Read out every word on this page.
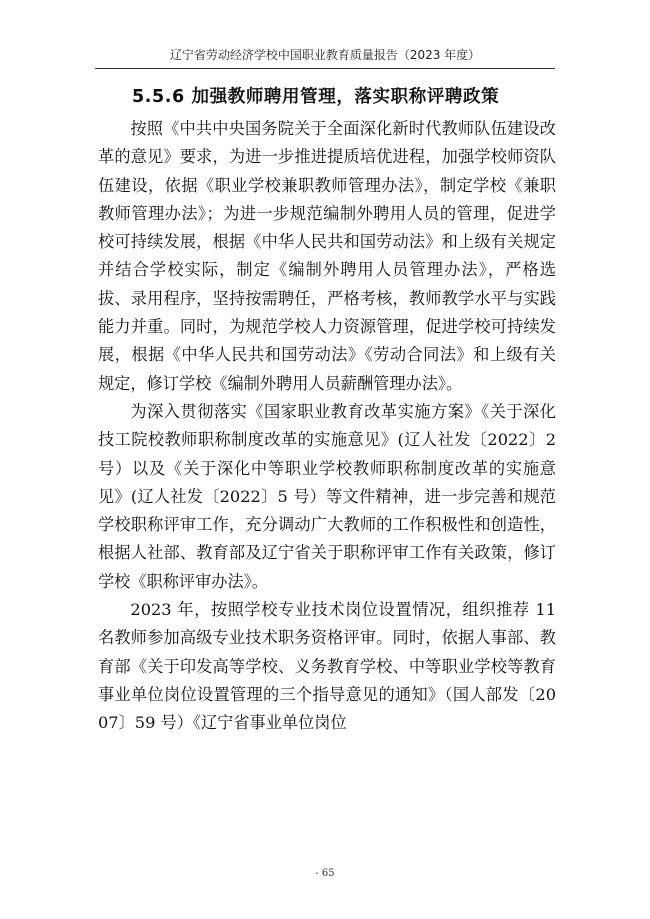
辽宁省劳动经济学校中国职业教育质量报告（2023 年度）
5.5.6 加强教师聘用管理，落实职称评聘政策

按照《中共中央国务院关于全面深化新时代教师队伍建设改革的意见》要求，为进一步推进提质培优进程，加强学校师资队伍建设，依据《职业学校兼职教师管理办法》，制定学校《兼职教师管理办法》；为进一步规范编制外聘用人员的管理，促进学校可持续发展，根据《中华人民共和国劳动法》和上级有关规定并结合学校实际，制定《编制外聘用人员管理办法》，严格选拔、录用程序，坚持按需聘任，严格考核，教师教学水平与实践能力并重。同时，为规范学校人力资源管理，促进学校可持续发展，根据《中华人民共和国劳动法》《劳动合同法》和上级有关规定，修订学校《编制外聘用人员薪酬管理办法》。

为深入贯彻落实《国家职业教育改革实施方案》《关于深化技工院校教师职称制度改革的实施意见》(辽人社发〔2022〕2 号）以及《关于深化中等职业学校教师职称制度改革的实施意见》(辽人社发〔2022〕5 号）等文件精神，进一步完善和规范学校职称评审工作，充分调动广大教师的工作积极性和创造性，根据人社部、教育部及辽宁省关于职称评审工作有关政策，修订学校《职称评审办法》。

2023 年，按照学校专业技术岗位设置情况，组织推荐 11 名教师参加高级专业技术职务资格评审。同时，依据人事部、教育部《关于印发高等学校、义务教育学校、中等职业学校等教育事业单位岗位设置管理的三个指导意见的通知》（国人部发〔2007〕59 号）《辽宁省事业单位岗位

- 65
